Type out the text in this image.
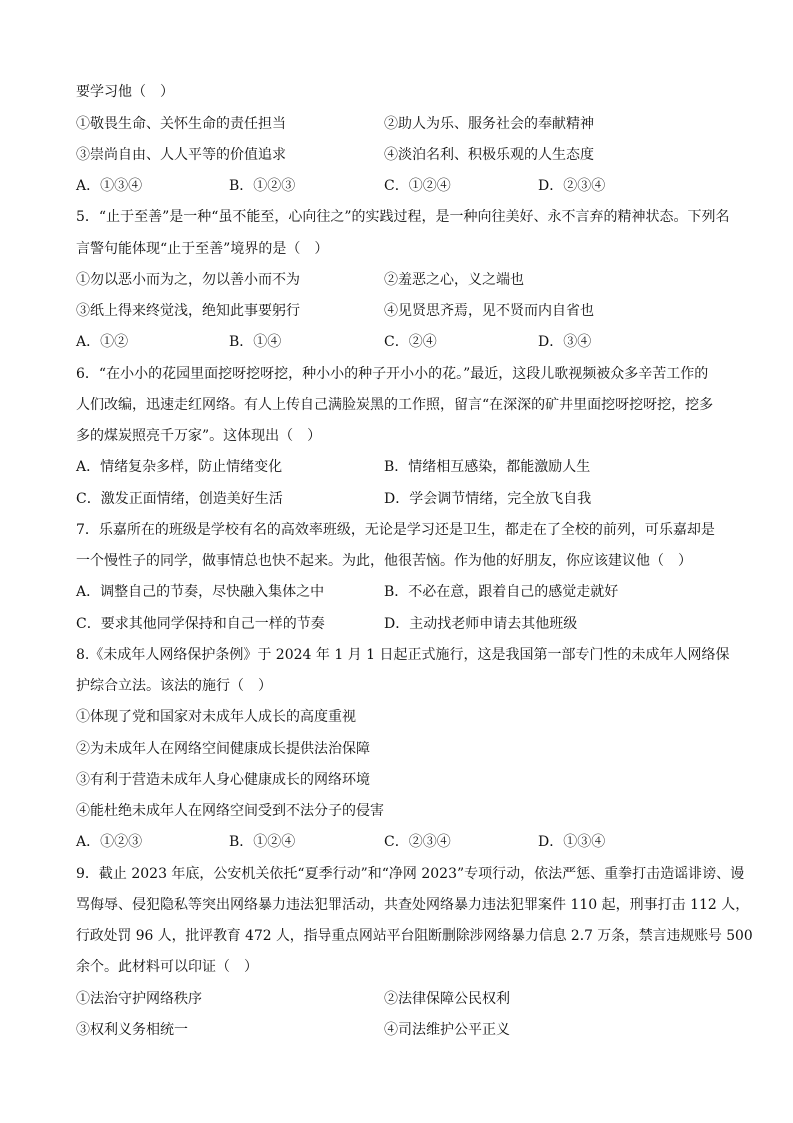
要学习他（　）
①敬畏生命、关怀生命的责任担当	②助人为乐、服务社会的奉献精神
③崇尚自由、人人平等的价值追求	④淡泊名利、积极乐观的人生态度
A．①③④	B．①②③	C．①②④	D．②③④
5．“止于至善”是一种“虽不能至，心向往之”的实践过程，是一种向往美好、永不言弃的精神状态。下列名
言警句能体现“止于至善”境界的是（　）
①勿以恶小而为之，勿以善小而不为	②羞恶之心，义之端也
③纸上得来终觉浅，绝知此事要躬行	④见贤思齐焉，见不贤而内自省也
A．①②	B．①④	C．②④	D．③④
6．“在小小的花园里面挖呀挖呀挖，种小小的种子开小小的花。”最近，这段儿歌视频被众多辛苦工作的
人们改编，迅速走红网络。有人上传自己满脸炭黑的工作照，留言“在深深的矿井里面挖呀挖呀挖，挖多
多的煤炭照亮千万家”。这体现出（　）
A．情绪复杂多样，防止情绪变化	B．情绪相互感染，都能激励人生
C．激发正面情绪，创造美好生活	D．学会调节情绪，完全放飞自我
7．乐嘉所在的班级是学校有名的高效率班级，无论是学习还是卫生，都走在了全校的前列，可乐嘉却是
一个慢性子的同学，做事情总也快不起来。为此，他很苦恼。作为他的好朋友，你应该建议他（　）
A．调整自己的节奏，尽快融入集体之中	B．不必在意，跟着自己的感觉走就好
C．要求其他同学保持和自己一样的节奏	D．主动找老师申请去其他班级
8.《未成年人网络保护条例》于 2024 年 1 月 1 日起正式施行，这是我国第一部专门性的未成年人网络保
护综合立法。该法的施行（　）
①体现了党和国家对未成年人成长的高度重视
②为未成年人在网络空间健康成长提供法治保障
③有利于营造未成年人身心健康成长的网络环境
④能杜绝未成年人在网络空间受到不法分子的侵害
A．①②③	B．①②④	C．②③④	D．①③④
9．截止 2023 年底，公安机关依托“夏季行动”和“净网 2023”专项行动，依法严惩、重拳打击造谣诽谤、谩
骂侮辱、侵犯隐私等突出网络暴力违法犯罪活动，共查处网络暴力违法犯罪案件 110 起，刑事打击 112 人，
行政处罚 96 人，批评教育 472 人，指导重点网站平台阻断删除涉网络暴力信息 2.7 万条，禁言违规账号 500
余个。此材料可以印证（　）
①法治守护网络秩序	②法律保障公民权利
③权利义务相统一	④司法维护公平正义
